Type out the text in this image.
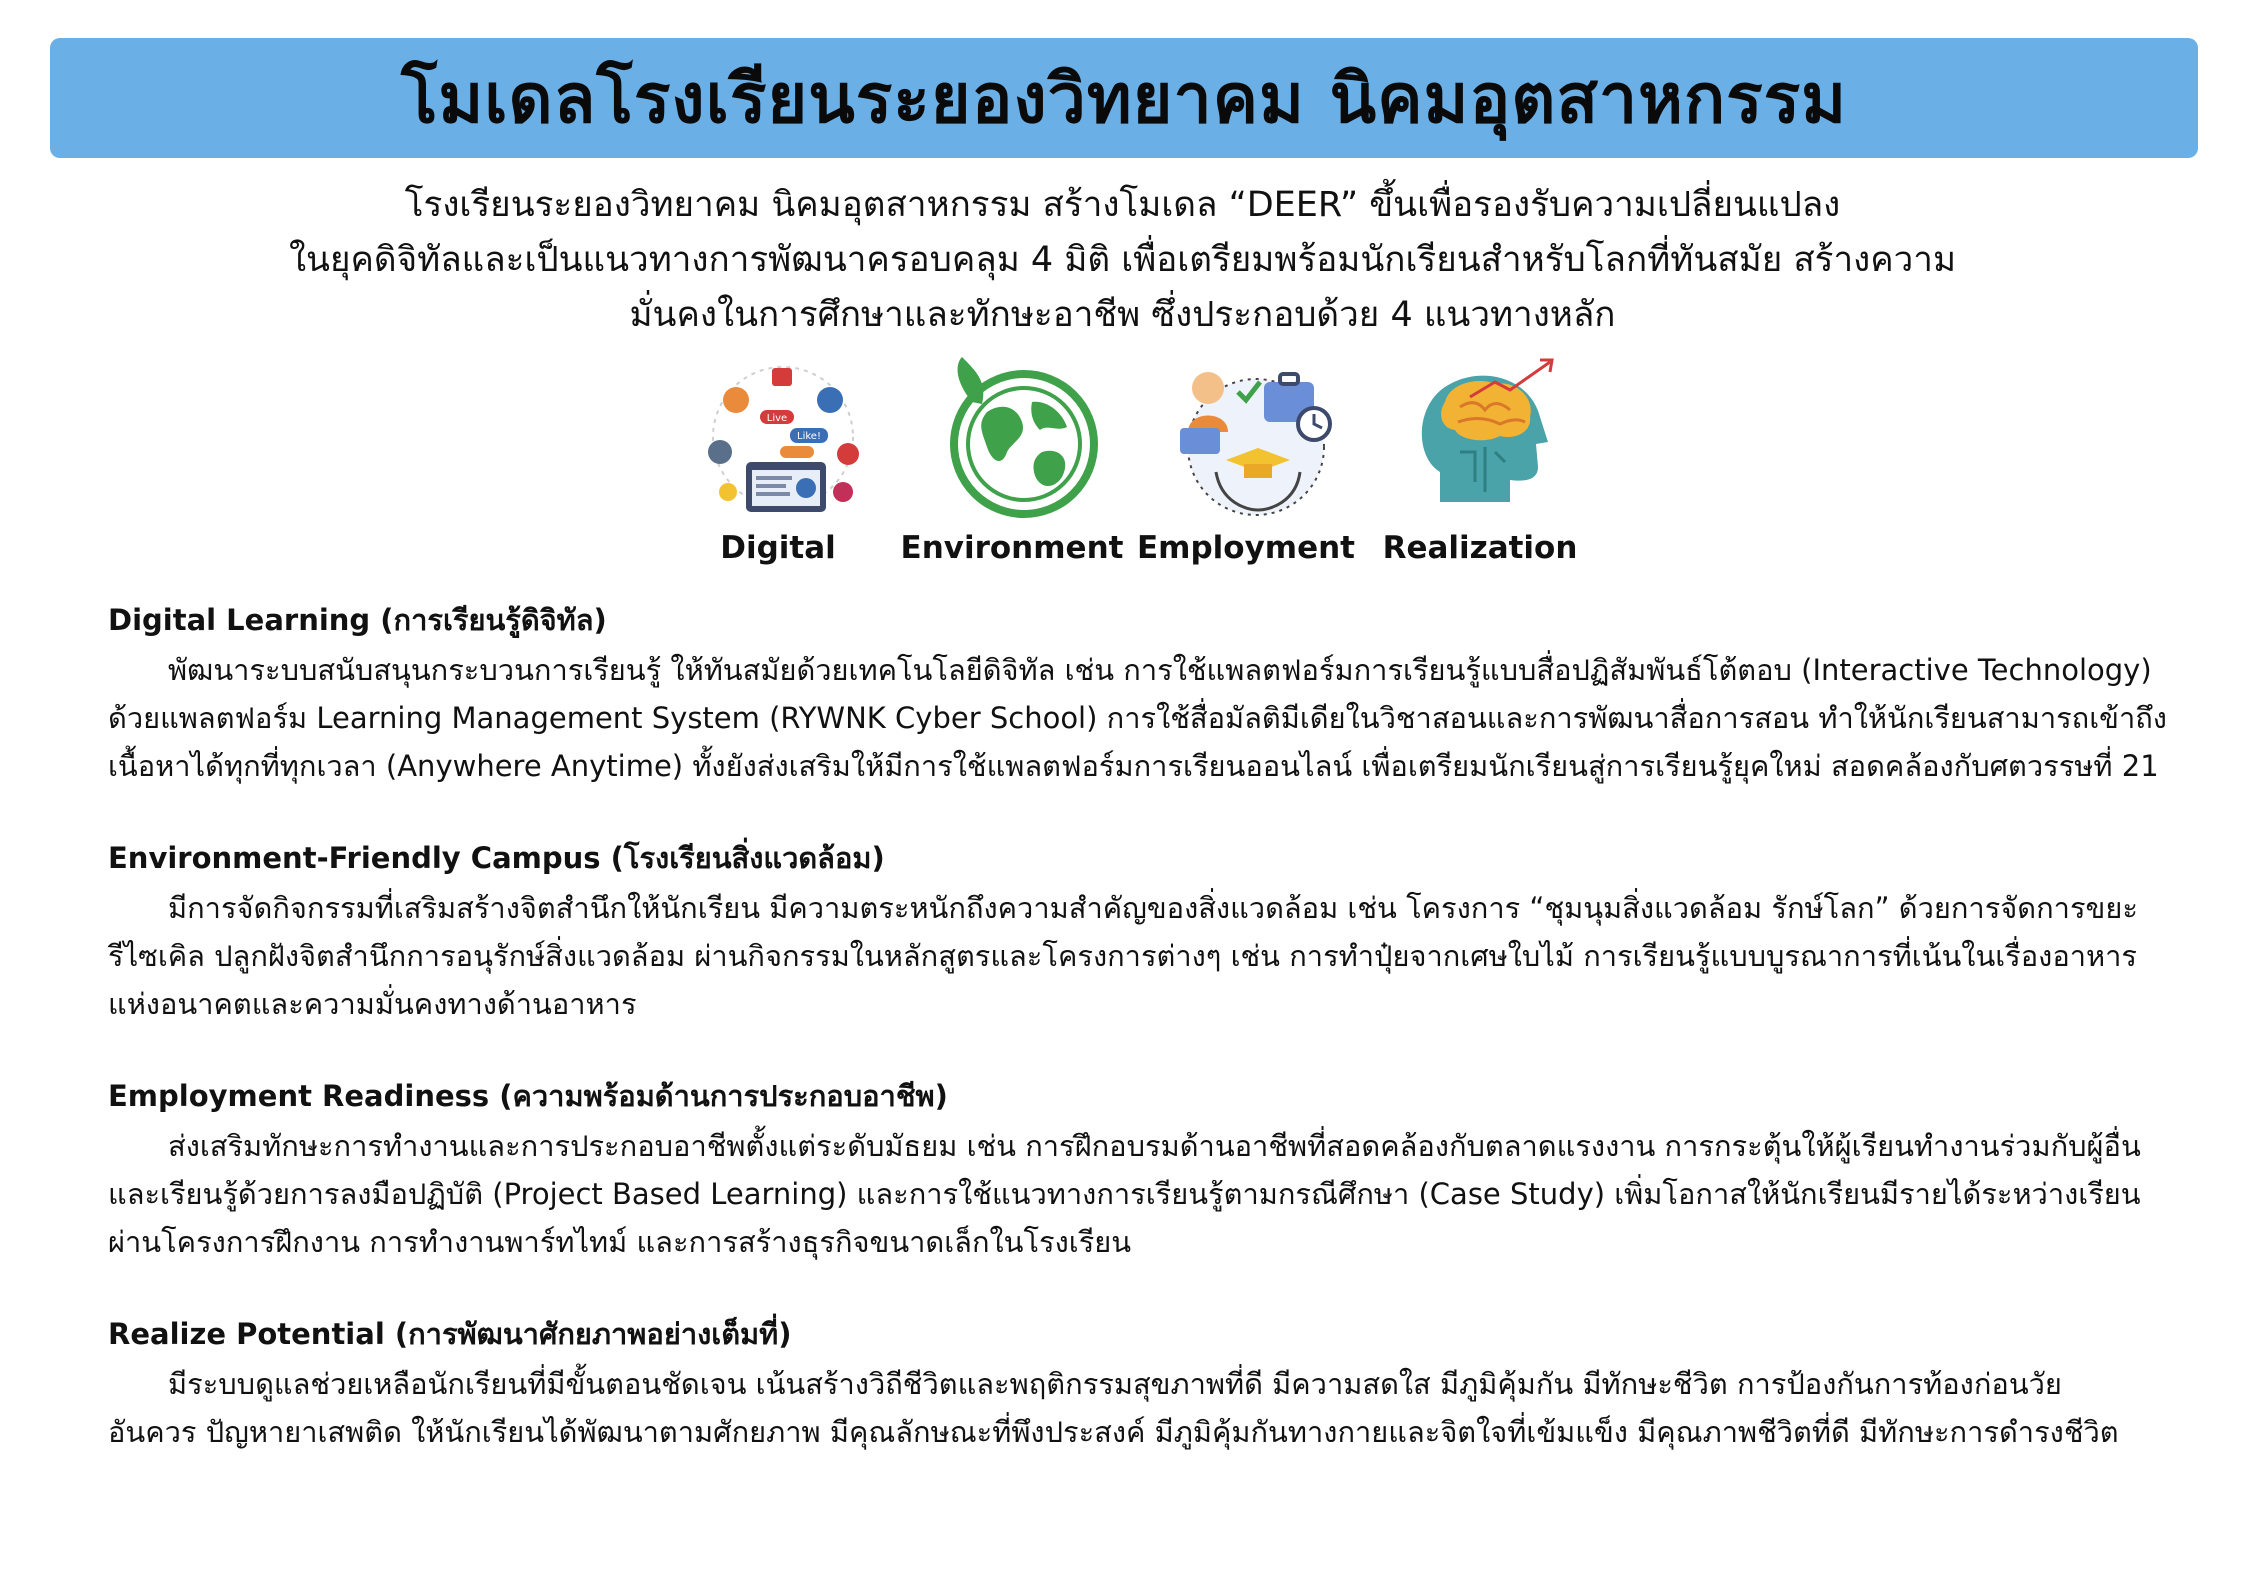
โมเดลโรงเรียนระยองวิทยาคม นิคมอุตสาหกรรม
โรงเรียนระยองวิทยาคม นิคมอุตสาหกรรม สร้างโมเดล “DEER” ขึ้นเพื่อรองรับความเปลี่ยนแปลง
ในยุคดิจิทัลและเป็นแนวทางการพัฒนาครอบคลุม 4 มิติ เพื่อเตรียมพร้อมนักเรียนสำหรับโลกที่ทันสมัย สร้างความ
มั่นคงในการศึกษาและทักษะอาชีพ ซึ่งประกอบด้วย 4 แนวทางหลัก
Live
Like!
Digital	Environment Employment Realization
Digital Learning (การเรียนรู้ดิจิทัล)
พัฒนาระบบสนับสนุนกระบวนการเรียนรู้ ให้ทันสมัยด้วยเทคโนโลยีดิจิทัล เช่น การใช้แพลตฟอร์มการเรียนรู้แบบสื่อปฏิสัมพันธ์โต้ตอบ (Interactive Technology)
ด้วยแพลตฟอร์ม Learning Management System (RYWNK Cyber School) การใช้สื่อมัลติมีเดียในวิชาสอนและการพัฒนาสื่อการสอน ทำให้นักเรียนสามารถเข้าถึง
เนื้อหาได้ทุกที่ทุกเวลา (Anywhere Anytime) ทั้งยังส่งเสริมให้มีการใช้แพลตฟอร์มการเรียนออนไลน์ เพื่อเตรียมนักเรียนสู่การเรียนรู้ยุคใหม่ สอดคล้องกับศตวรรษที่ 21
Environment-Friendly Campus (โรงเรียนสิ่งแวดล้อม)
มีการจัดกิจกรรมที่เสริมสร้างจิตสำนึกให้นักเรียน มีความตระหนักถึงความสำคัญของสิ่งแวดล้อม เช่น โครงการ “ชุมนุมสิ่งแวดล้อม รักษ์โลก” ด้วยการจัดการขยะ
รีไซเคิล ปลูกฝังจิตสำนึกการอนุรักษ์สิ่งแวดล้อม ผ่านกิจกรรมในหลักสูตรและโครงการต่างๆ เช่น การทำปุ๋ยจากเศษใบไม้ การเรียนรู้แบบบูรณาการที่เน้นในเรื่องอาหาร
แห่งอนาคตและความมั่นคงทางด้านอาหาร
Employment Readiness (ความพร้อมด้านการประกอบอาชีพ)
ส่งเสริมทักษะการทำงานและการประกอบอาชีพตั้งแต่ระดับมัธยม เช่น การฝึกอบรมด้านอาชีพที่สอดคล้องกับตลาดแรงงาน การกระตุ้นให้ผู้เรียนทำงานร่วมกับผู้อื่น
และเรียนรู้ด้วยการลงมือปฏิบัติ (Project Based Learning) และการใช้แนวทางการเรียนรู้ตามกรณีศึกษา (Case Study) เพิ่มโอกาสให้นักเรียนมีรายได้ระหว่างเรียน
ผ่านโครงการฝึกงาน การทำงานพาร์ทไทม์ และการสร้างธุรกิจขนาดเล็กในโรงเรียน
Realize Potential (การพัฒนาศักยภาพอย่างเต็มที่)
มีระบบดูแลช่วยเหลือนักเรียนที่มีขั้นตอนชัดเจน เน้นสร้างวิถีชีวิตและพฤติกรรมสุขภาพที่ดี มีความสดใส มีภูมิคุ้มกัน มีทักษะชีวิต การป้องกันการท้องก่อนวัย
อันควร ปัญหายาเสพติด ให้นักเรียนได้พัฒนาตามศักยภาพ มีคุณลักษณะที่พึงประสงค์ มีภูมิคุ้มกันทางกายและจิตใจที่เข้มแข็ง มีคุณภาพชีวิตที่ดี มีทักษะการดำรงชีวิต
